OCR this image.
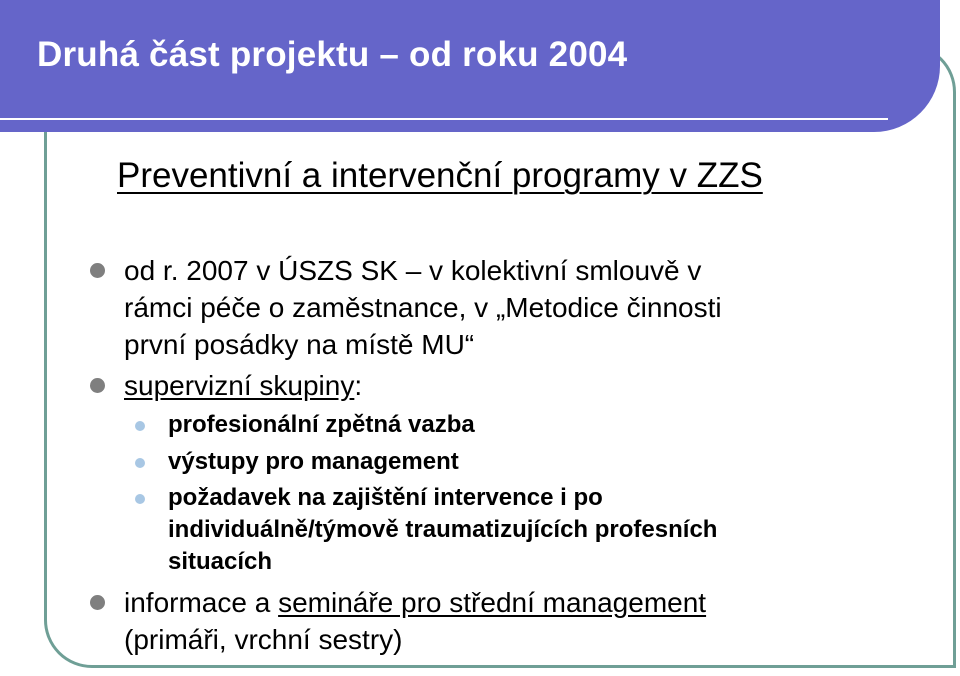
Druhá část projektu – od roku 2004
Preventivní a intervenční programy v ZZS
od r. 2007 v ÚSZS SK – v kolektivní smlouvě v
rámci péče o zaměstnance, v „Metodice činnosti
první posádky na místě MU“
supervizní skupiny:
profesionální zpětná vazba
výstupy pro management
požadavek na zajištění intervence i po individuálně/týmově traumatizujících profesních situacích
informace a semináře pro střední management
(primáři, vrchní sestry)
